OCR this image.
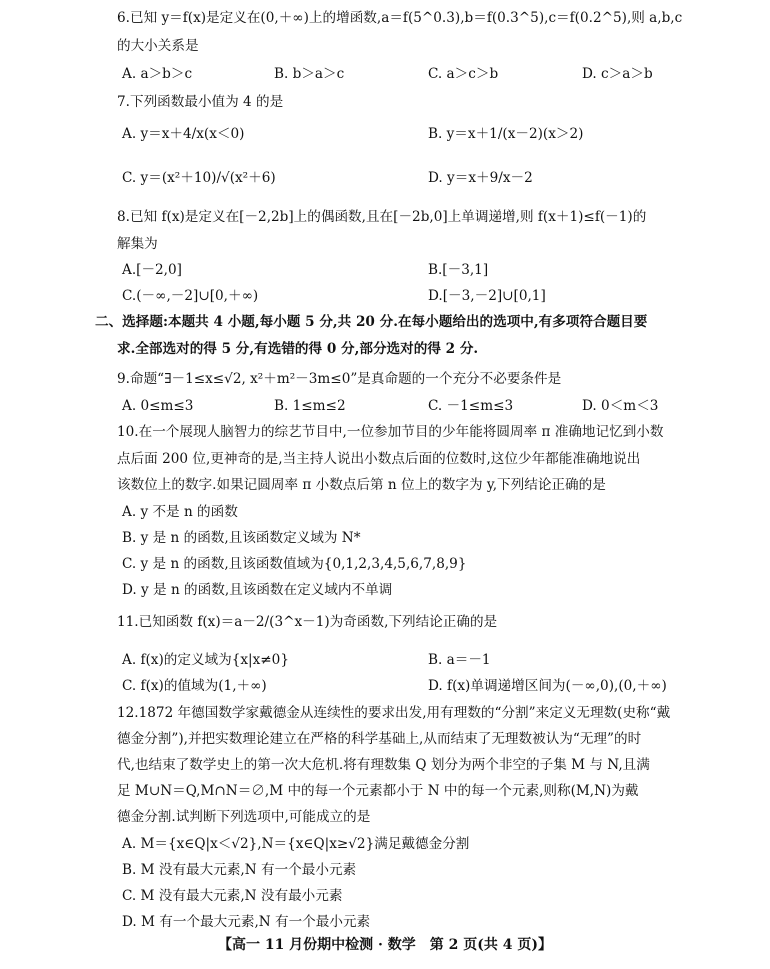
6.已知 y＝f(x)是定义在(0,＋∞)上的增函数,a＝f(5^0.3),b＝f(0.3^5),c＝f(0.2^5),则 a,b,c
的大小关系是
A. a＞b＞c	B. b＞a＞c	C. a＞c＞b	D. c＞a＞b
7.下列函数最小值为 4 的是
A. y＝x＋4/x(x＜0)	B. y＝x＋1/(x－2)(x＞2)
C. y＝(x²＋10)/√(x²＋6)	D. y＝x＋9/x－2
8.已知 f(x)是定义在[－2,2b]上的偶函数,且在[－2b,0]上单调递增,则 f(x＋1)≤f(－1)的
解集为
A.[－2,0]	B.[－3,1]
C.(－∞,－2]∪[0,＋∞)	D.[－3,－2]∪[0,1]
二、选择题:本题共 4 小题,每小题 5 分,共 20 分.在每小题给出的选项中,有多项符合题目要
求.全部选对的得 5 分,有选错的得 0 分,部分选对的得 2 分.
9.命题“∃－1≤x≤√2, x²＋m²－3m≤0”是真命题的一个充分不必要条件是
A. 0≤m≤3	B. 1≤m≤2	C. －1≤m≤3	D. 0＜m＜3
10.在一个展现人脑智力的综艺节目中,一位参加节目的少年能将圆周率 π 准确地记忆到小数
点后面 200 位,更神奇的是,当主持人说出小数点后面的位数时,这位少年都能准确地说出
该数位上的数字.如果记圆周率 π 小数点后第 n 位上的数字为 y,下列结论正确的是
A. y 不是 n 的函数
B. y 是 n 的函数,且该函数定义域为 N*
C. y 是 n 的函数,且该函数值域为{0,1,2,3,4,5,6,7,8,9}
D. y 是 n 的函数,且该函数在定义域内不单调
11.已知函数 f(x)＝a－2/(3^x－1)为奇函数,下列结论正确的是
A. f(x)的定义域为{x|x≠0}	B. a＝－1
C. f(x)的值域为(1,＋∞)	D. f(x)单调递增区间为(－∞,0),(0,＋∞)
12.1872 年德国数学家戴德金从连续性的要求出发,用有理数的“分割”来定义无理数(史称“戴
德金分割”),并把实数理论建立在严格的科学基础上,从而结束了无理数被认为“无理”的时
代,也结束了数学史上的第一次大危机.将有理数集 Q 划分为两个非空的子集 M 与 N,且满
足 M∪N＝Q,M∩N＝∅,M 中的每一个元素都小于 N 中的每一个元素,则称(M,N)为戴
德金分割.试判断下列选项中,可能成立的是
A. M＝{x∈Q|x＜√2},N＝{x∈Q|x≥√2}满足戴德金分割
B. M 没有最大元素,N 有一个最小元素
C. M 没有最大元素,N 没有最小元素
D. M 有一个最大元素,N 有一个最小元素
【高一 11 月份期中检测 · 数学　第 2 页(共 4 页)】
